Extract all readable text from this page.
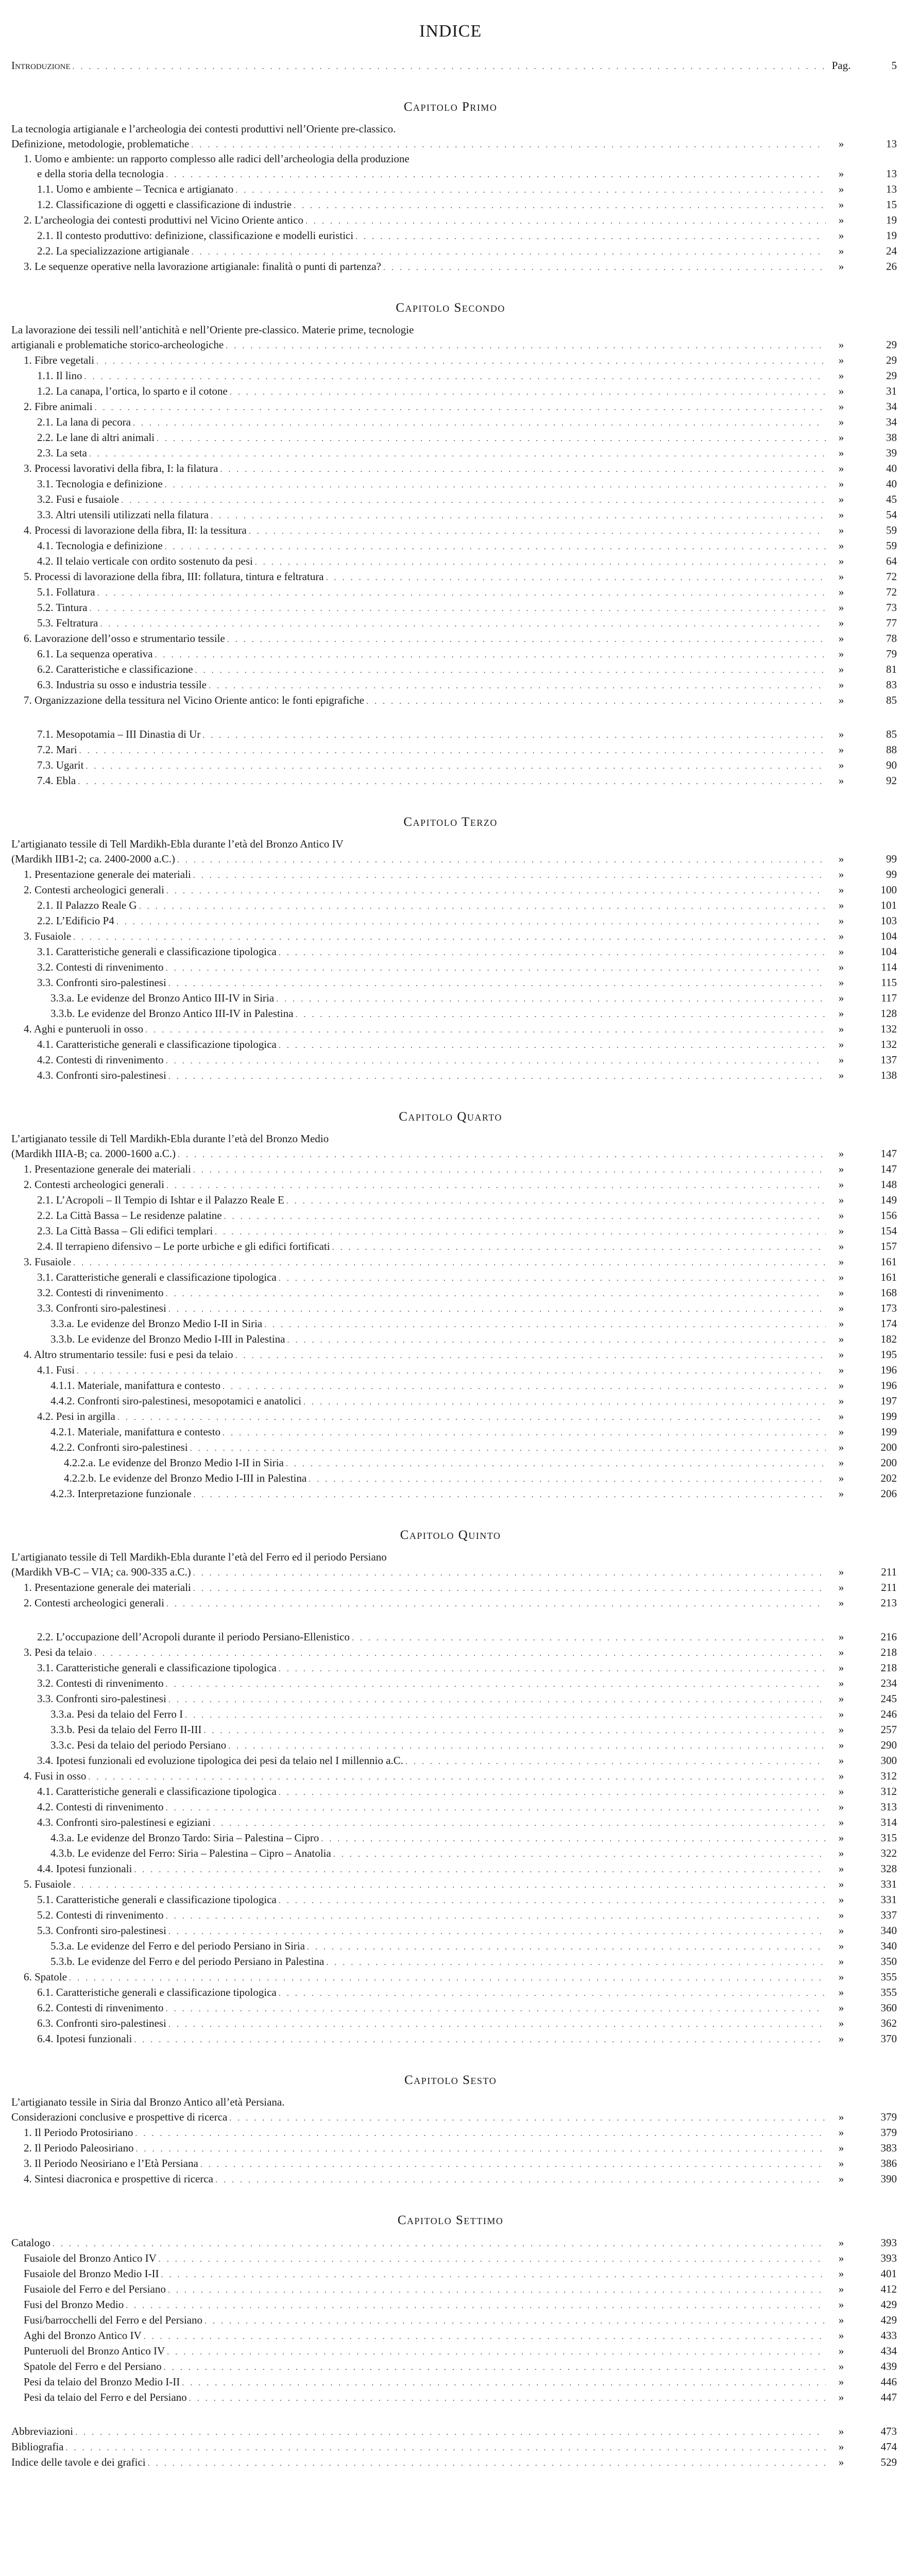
INDICE
Introduzione . . .	Pag.	5
Capitolo Primo
La tecnologia artigianale e l’archeologia dei contesti produttivi nell’Oriente pre-classico.
Definizione, metodologie, problematiche . . .	»	13
1. Uomo e ambiente: un rapporto complesso alle radici dell’archeologia della produzione
e della storia della tecnologia . . .	»	13
1.1. Uomo e ambiente – Tecnica e artigianato . . .	»	13
1.2. Classificazione di oggetti e classificazione di industrie . . .	»	15
2. L’archeologia dei contesti produttivi nel Vicino Oriente antico . . .	»	19
2.1. Il contesto produttivo: definizione, classificazione e modelli euristici . . .	»	19
2.2. La specializzazione artigianale . . .	»	24
3. Le sequenze operative nella lavorazione artigianale: finalità o punti di partenza? . . .	»	26
Capitolo Secondo
La lavorazione dei tessili nell’antichità e nell’Oriente pre-classico. Materie prime, tecnologie
artigianali e problematiche storico-archeologiche . . .	»	29
1. Fibre vegetali . . .	»	29
1.1. Il lino . . .	»	29
1.2. La canapa, l’ortica, lo sparto e il cotone . . .	»	31
2. Fibre animali . . .	»	34
2.1. La lana di pecora . . .	»	34
2.2. Le lane di altri animali . . .	»	38
2.3. La seta . . .	»	39
3. Processi lavorativi della fibra, I: la filatura . . .	»	40
3.1. Tecnologia e definizione . . .	»	40
3.2. Fusi e fusaiole . . .	»	45
3.3. Altri utensili utilizzati nella filatura . . .	»	54
4. Processi di lavorazione della fibra, II: la tessitura . . .	»	59
4.1. Tecnologia e definizione . . .	»	59
4.2. Il telaio verticale con ordito sostenuto da pesi . . .	»	64
5. Processi di lavorazione della fibra, III: follatura, tintura e feltratura . . .	»	72
5.1. Follatura . . .	»	72
5.2. Tintura . . .	»	73
5.3. Feltratura . . .	»	77
6. Lavorazione dell’osso e strumentario tessile . . .	»	78
6.1. La sequenza operativa . . .	»	79
6.2. Caratteristiche e classificazione . . .	»	81
6.3. Industria su osso e industria tessile . . .	»	83
7. Organizzazione della tessitura nel Vicino Oriente antico: le fonti epigrafiche . . .	»	85
7.1. Mesopotamia – III Dinastia di Ur . . .	»	85
7.2. Mari . . .	»	88
7.3. Ugarit . . .	»	90
7.4. Ebla . . .	»	92
Capitolo Terzo
L’artigianato tessile di Tell Mardikh-Ebla durante l’età del Bronzo Antico IV
(Mardikh IIB1-2; ca. 2400-2000 a.C.) . . .	»	99
1. Presentazione generale dei materiali . . .	»	99
2. Contesti archeologici generali . . .	»	100
2.1. Il Palazzo Reale G . . .	»	101
2.2. L’Edificio P4 . . .	»	103
3. Fusaiole . . .	»	104
3.1. Caratteristiche generali e classificazione tipologica . . .	»	104
3.2. Contesti di rinvenimento . . .	»	114
3.3. Confronti siro-palestinesi . . .	»	115
3.3.a. Le evidenze del Bronzo Antico III-IV in Siria . . .	»	117
3.3.b. Le evidenze del Bronzo Antico III-IV in Palestina . . .	»	128
4. Aghi e punteruoli in osso . . .	»	132
4.1. Caratteristiche generali e classificazione tipologica . . .	»	132
4.2. Contesti di rinvenimento . . .	»	137
4.3. Confronti siro-palestinesi . . .	»	138
Capitolo Quarto
L’artigianato tessile di Tell Mardikh-Ebla durante l’età del Bronzo Medio
(Mardikh IIIA-B; ca. 2000-1600 a.C.) . . .	»	147
1. Presentazione generale dei materiali . . .	»	147
2. Contesti archeologici generali . . .	»	148
2.1. L’Acropoli – Il Tempio di Ishtar e il Palazzo Reale E . . .	»	149
2.2. La Città Bassa – Le residenze palatine . . .	»	156
2.3. La Città Bassa – Gli edifici templari . . .	»	154
2.4. Il terrapieno difensivo – Le porte urbiche e gli edifici fortificati . . .	»	157
3. Fusaiole . . .	»	161
3.1. Caratteristiche generali e classificazione tipologica . . .	»	161
3.2. Contesti di rinvenimento . . .	»	168
3.3. Confronti siro-palestinesi . . .	»	173
3.3.a. Le evidenze del Bronzo Medio I-II in Siria . . .	»	174
3.3.b. Le evidenze del Bronzo Medio I-III in Palestina . . .	»	182
4. Altro strumentario tessile: fusi e pesi da telaio . . .	»	195
4.1. Fusi . . .	»	196
4.1.1. Materiale, manifattura e contesto . . .	»	196
4.4.2. Confronti siro-palestinesi, mesopotamici e anatolici . . .	»	197
4.2. Pesi in argilla . . .	»	199
4.2.1. Materiale, manifattura e contesto . . .	»	199
4.2.2. Confronti siro-palestinesi . . .	»	200
4.2.2.a. Le evidenze del Bronzo Medio I-II in Siria . . .	»	200
4.2.2.b. Le evidenze del Bronzo Medio I-III in Palestina . . .	»	202
4.2.3. Interpretazione funzionale . . .	»	206
Capitolo Quinto
L’artigianato tessile di Tell Mardikh-Ebla durante l’età del Ferro ed il periodo Persiano
(Mardikh VB-C – VIA; ca. 900-335 a.C.) . . .	»	211
1. Presentazione generale dei materiali . . .	»	211
2. Contesti archeologici generali . . .	»	213
2.2. L’occupazione dell’Acropoli durante il periodo Persiano-Ellenistico . . .	»	216
3. Pesi da telaio . . .	»	218
3.1. Caratteristiche generali e classificazione tipologica . . .	»	218
3.2. Contesti di rinvenimento . . .	»	234
3.3. Confronti siro-palestinesi . . .	»	245
3.3.a. Pesi da telaio del Ferro I . . .	»	246
3.3.b. Pesi da telaio del Ferro II-III . . .	»	257
3.3.c. Pesi da telaio del periodo Persiano . . .	»	290
3.4. Ipotesi funzionali ed evoluzione tipologica dei pesi da telaio nel I millennio a.C. . . .	»	300
4. Fusi in osso . . .	»	312
4.1. Caratteristiche generali e classificazione tipologica . . .	»	312
4.2. Contesti di rinvenimento . . .	»	313
4.3. Confronti siro-palestinesi e egiziani . . .	»	314
4.3.a. Le evidenze del Bronzo Tardo: Siria – Palestina – Cipro . . .	»	315
4.3.b. Le evidenze del Ferro: Siria – Palestina – Cipro – Anatolia . . .	»	322
4.4. Ipotesi funzionali . . .	»	328
5. Fusaiole . . .	»	331
5.1. Caratteristiche generali e classificazione tipologica . . .	»	331
5.2. Contesti di rinvenimento . . .	»	337
5.3. Confronti siro-palestinesi . . .	»	340
5.3.a. Le evidenze del Ferro e del periodo Persiano in Siria . . .	»	340
5.3.b. Le evidenze del Ferro e del periodo Persiano in Palestina . . .	»	350
6. Spatole . . .	»	355
6.1. Caratteristiche generali e classificazione tipologica . . .	»	355
6.2. Contesti di rinvenimento . . .	»	360
6.3. Confronti siro-palestinesi . . .	»	362
6.4. Ipotesi funzionali . . .	»	370
Capitolo Sesto
L’artigianato tessile in Siria dal Bronzo Antico all’età Persiana.
Considerazioni conclusive e prospettive di ricerca . . .	»	379
1. Il Periodo Protosiriano . . .	»	379
2. Il Periodo Paleosiriano . . .	»	383
3. Il Periodo Neosiriano e l’Età Persiana . . .	»	386
4. Sintesi diacronica e prospettive di ricerca . . .	»	390
Capitolo Settimo
Catalogo . . .	»	393
Fusaiole del Bronzo Antico IV . . .	»	393
Fusaiole del Bronzo Medio I-II . . .	»	401
Fusaiole del Ferro e del Persiano . . .	»	412
Fusi del Bronzo Medio . . .	»	429
Fusi/barrocchelli del Ferro e del Persiano . . .	»	429
Aghi del Bronzo Antico IV . . .	»	433
Punteruoli del Bronzo Antico IV . . .	»	434
Spatole del Ferro e del Persiano . . .	»	439
Pesi da telaio del Bronzo Medio I-II . . .	»	446
Pesi da telaio del Ferro e del Persiano . . .	»	447
Abbreviazioni . . .	»	473
Bibliografia . . .	»	474
Indice delle tavole e dei grafici . . .	»	529
